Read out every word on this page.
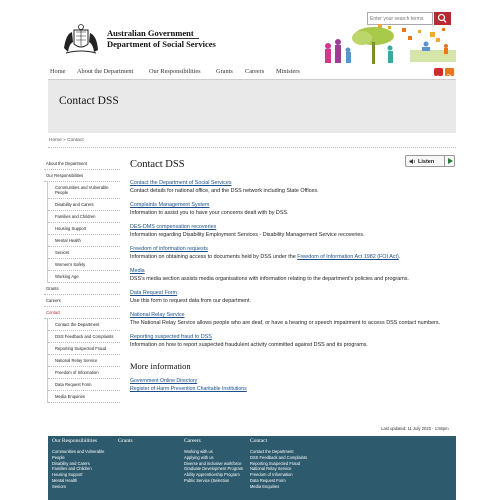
Australian Government
Department of Social Services
Enter your search terms
Home About the Department Our Responsibilities Grants Careers Ministers
Contact DSS
Home » Contact
About the Department
Our Responsibilities
Communities and Vulnerable People
Disability and Carers
Families and Children
Housing Support
Mental Health
Seniors
Women's Safety
Working Age
Grants
Careers
Contact
Contact the Department
DSS Feedback and Complaints
Reporting Suspected Fraud
National Relay Service
Freedom of Information
Data Request Form
Media Enquiries
Listen
Contact DSS
Contact the Department of Social Services
Contact details for national office, and the DSS network including State Offices.
Complaints Management System
Information to assist you to have your concerns dealt with by DSS.
DES-DMS compensation recoveries
Information regarding Disability Employment Services - Disability Management Service recoveries.
Freedom of information requests
Information on obtaining access to documents held by DSS under the Freedom of Information Act 1982 (FOI Act).
Media
DSS's media section assists media organisations with information relating to the department's policies and programs.
Data Request Form
Use this form to request data from our department.
National Relay Service
The National Relay Service allows people who are deaf, or have a hearing or speech impairment to access DSS contact numbers.
Reporting suspected fraud to DSS
Information on how to report suspected fraudulent activity committed against DSS and its programs.
More information
Government Online Directory
Register of Harm Prevention Charitable Institutions
Last updated: 11 July 2023 - 1:55pm
Our Responsibilities
Communities and Vulnerable People
Disability and Carers
Families and Children
Housing Support
Mental Health
Seniors
Grants	Careers
Working with us
Applying with us
Diverse and inclusive workforce
Graduate Development Program
Ability Apprenticeship Program
Public Service (Selection
Contact
Contact the Department
DSS Feedback and Complaints
Reporting Suspected Fraud
National Relay Service
Freedom of Information
Data Request Form
Media Enquiries
